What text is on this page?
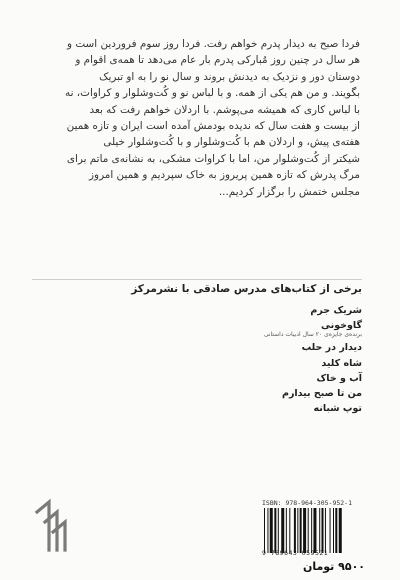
فردا صبح به دیدار پدرم خواهم رفت. فردا روز سوم فروردین است و
هر سال در چنین روز مُبارکی پدرم بار عام می‌دهد تا همه‌ی اقوام و
دوستان دور و نزدیک به دیدنش بروند و سال نو را به او تبریک
بگویند. و من هم یکی از همه. و با لباس نو و کُت‌وشلوار و کراوات، نه
با لباس کاری که همیشه می‌پوشم. با اردلان خواهم رفت که بعد
از بیست و هفت سال که ندیده بودمش آمده است ایران و تازه همین
هفته‌ی پیش، و اردلان هم با کُت‌وشلوار و با کُت‌وشلوار خیلی
شیکتر از کُت‌وشلوار من، اما با کراوات مشکی، به نشانه‌ی ماتم برای
مرگ پدرش که تازه همین پریروز به خاک سپردیم و همین امروز
مجلس ختمش را برگزار کردیم...
برخی از کتاب‌های مدرس صادقی با نشرمرکز
شریک جرم
گاوخونی
برنده‌ی جایزه‌ی ۲۰ سال ادبیات داستانی
دیدار در حلب
شاه کلید
آب و خاک
من تا صبح بیدارم
توپ شبانه
ISBN: 978-964-305-952-1
9 789643 059521
۹۵۰۰ تومان
